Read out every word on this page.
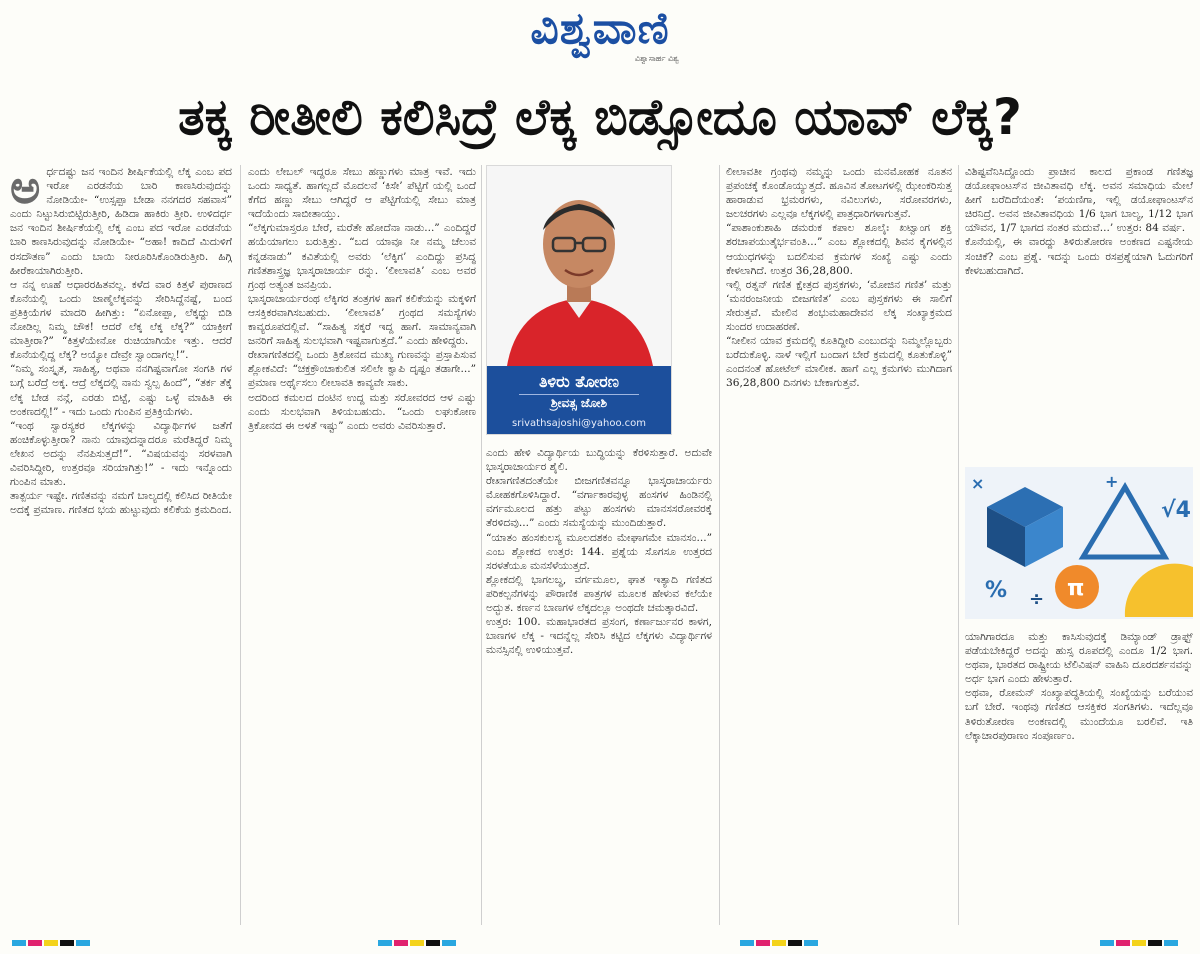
ವಿಶ್ವವಾಣಿ
ವಿಶ್ವಾಸಾರ್ಹ ವಿಶ್ವ
ತಕ್ಕ ರೀತೀಲಿ ಕಲಿಸಿದ್ರೆ ಲೆಕ್ಕ ಬಿಡ್ಸೋದೂ ಯಾವ್ ಲೆಕ್ಕ?
ಅ ರ್ಧದಷ್ಟು ಜನ ಇಂದಿನ ಶೀರ್ಷಿಕೆಯಲ್ಲಿ ಲೆಕ್ಕ ಎಂಬ ಪದ ಇರೋ ಎರಡನೆಯ ಬಾರಿ ಕಾಣಸಿರುವುದನ್ನು ನೋಡಿಯೇ- “ಉಸ್ಸಪ್ಪಾ ಬೇಡಾ ನನಗದರ ಸಹವಾಸ” ಎಂದು ನಿಟ್ಟುಸಿರುಬಿಟ್ಟಿರುತ್ತೀರಿ, ಹಿಡಿದಾ ಹಾಕಿರು ತ್ತೀರಿ. ಉಳಿದರ್ಧ ಜನ ಇಂದಿನ ಶೀರ್ಷಿಕೆಯಲ್ಲಿ ಲೆಕ್ಕ ಎಂಬ ಪದ ಇರೋ ಎರಡನೆಯ ಬಾರಿ ಕಾಣಸಿರುವುದನ್ನು ನೋಡಿಯೇ- “ಅಹಾ! ಕಾದಿದೆ ಮಿದುಳಿಗೆ ರಸದೌತಣ” ಎಂದು ಬಾಯಿ ನೀರೂರಿಸಿಕೊಂಡಿರುತ್ತೀರಿ. ಹಿಗ್ಗಿ ಹೀರೆಕಾಯಾಗಿರುತ್ತೀರಿ.

ಆ ನನ್ನ ಊಹೆ ಅಧಾರರಹಿತವಲ್ಲ. ಕಳೆದ ವಾರ ಕಿತ್ತಳೆ ಪುರಾಣದ ಕೊನೆಯಲ್ಲಿ ಒಂದು ಜಾಣ್ಮೆಲೆಕ್ಕವನ್ನು ಸೇರಿಸಿದ್ದೆನಷ್ಟೆ, ಬಂದ ಪ್ರತಿಕ್ರಿಯೆಗಳ ಮಾದರಿ ಹೀಗಿತ್ತು: “ಏನೋಪ್ಪಾ, ಲೆಕ್ಕದ್ದು ಬಿಡಿ ನೋಡಿಲ್ಲ ನಿಮ್ಮ ಚೌಕ! ಆದರೆ ಲೆಕ್ಕ ಲೆಕ್ಕ ಲೆಕ್ಕ?” ಯಾಕ್ರೀಗೆ ಮಾತ್ತೀರಾ?” “ಕಿತ್ತಳೆಯೇನೋ ರುಚಿಯಾಗಿಯೇ ಇತ್ತು. ಆದರೆ ಕೊನೆಯಲ್ಲಿದ್ದ ಲೆಕ್ಕ? ಅಯ್ಯೋ ದೇವ್ರೇ ಸ್ವಾಂದಾಗಲ್ಲ!”.

“ನಿಮ್ಮ ಸಂಸ್ಕೃತ, ಸಾಹಿತ್ಯ, ಅಥವಾ ನನಗಿಷ್ಟವಾಗೋ ಸಂಗತಿ ಗಳ ಬಗ್ಗೆ ಬರೆದ್ರೆ ಅಕ್ಕ. ಆದ್ರೆ ಲೆಕ್ಕದಲ್ಲಿ ನಾನು ಸ್ವಲ್ಪ ಹಿಂದೆ”, “ತರ್ಕ ತೆಕ್ಕೆ ಲೆಕ್ಕ ಬೇಡ ನನ್ಗೆ, ಎರಡು ಬಿಟ್ಟೆ, ಎಷ್ಟು ಒಳ್ಳೆ ಮಾಹಿತಿ ಈ ಅಂಕಣದಲ್ಲಿ!” - ಇದು ಒಂದು ಗುಂಪಿನ ಪ್ರತಿಕ್ರಿಯೆಗಳು.

“ಇಂಥ ಸ್ವಾರಸ್ಯಕರ ಲೆಕ್ಕಗಳನ್ನು ವಿದ್ಯಾರ್ಥಿಗಳ ಜತೆಗೆ ಹಂಚಿಕೊಳ್ಳುತ್ತೀರಾ? ನಾನು ಯಾವುದನ್ನಾದರೂ ಮರೆತಿದ್ದರೆ ನಿಮ್ಮ ಲೇಖನ ಅದನ್ನು ನೆನಪಿಸುತ್ತದೆ!”. “ವಿಷಯವನ್ನು ಸರಳವಾಗಿ ವಿವರಿಸಿದ್ದೀರಿ, ಉತ್ತರವೂ ಸರಿಯಾಗಿತ್ತು!” - ಇದು ಇನ್ನೊಂದು ಗುಂಪಿನ ಮಾತು.

ತಾತ್ಪರ್ಯ ಇಷ್ಟೇ. ಗಣಿತವನ್ನು ನಮಗೆ ಬಾಲ್ಯದಲ್ಲಿ ಕಲಿಸಿದ ರೀತಿಯೇ ಅದಕ್ಕೆ ಪ್ರಮಾಣ. ಗಣಿತದ ಭಯ ಹುಟ್ಟುವುದು ಕಲಿಕೆಯ ಕ್ರಮದಿಂದ.

ಎಂದು ಲೇಬಲ್ ಇದ್ದರೂ ಸೇಬು ಹಣ್ಣುಗಳು ಮಾತ್ರ ಇವೆ. ಇದು ಒಂದು ಸಾಧ್ಯತೆ. ಹಾಗಲ್ಲದೆ ಮೊದಲನೆ ‘ಕಿಸೇ’ ಪೆಟ್ಟಿಗೆ ಯಲ್ಲಿ ಒಂದೆ ಕೆಗೆದ ಹಣ್ಣು ಸೇಬು ಆಗಿದ್ದರೆ ಆ ಪೆಟ್ಟಿಗೆಯಲ್ಲಿ ಸೇಬು ಮಾತ್ರ ಇದೆಯೆಂದು ಸಾಬೀತಾಯ್ತು.

“ಲೆಕ್ಕಗುಮಾಸ್ತರೂ ಬೇರೆ, ಮರೆತೇ ಹೋದೆನಾ ನಾಡು...” ಎಂದಿದ್ದರೆ ಹಯೆಯಾಗಲು ಬರುತ್ತಿತ್ತು. “ಬದ ಯಾವೂ ನೀ ನಮ್ಮ ಚೆಲುವ ಕನ್ನಡನಾಡು” ಕವಿತೆಯಲ್ಲಿ ಅವರು ‘ಲೆಕ್ಕಿಗ’ ಎಂದಿದ್ದು ಪ್ರಸಿದ್ಧ ಗಣಿತಶಾಸ್ತ್ರಜ್ಞ ಭಾಸ್ಕರಾಚಾರ್ಯ ರನ್ನು. ‘ಲೀಲಾವತಿ’ ಎಂಬ ಅವರ ಗ್ರಂಥ ಅತ್ಯಂತ ಜನಪ್ರಿಯ.

ಭಾಸ್ಕರಾಚಾರ್ಯರಂಥ ಲೆಕ್ಕಿಗರ ತಂತ್ರಗಳ ಹಾಗೆ ಕಲಿಕೆಯನ್ನು ಮಕ್ಕಳಿಗೆ ಆಸಕ್ತಿಕರವಾಗಿಸಬಹುದು. ‘ಲೀಲಾವತಿ’ ಗ್ರಂಥದ ಸಮಸ್ಯೆಗಳು ಕಾವ್ಯರೂಪದಲ್ಲಿವೆ. “ಸಾಹಿತ್ಯ ಸಕ್ಕರೆ ಇದ್ದ ಹಾಗೆ. ಸಾಮಾನ್ಯವಾಗಿ ಜನರಿಗೆ ಸಾಹಿತ್ಯ ಸುಲಭವಾಗಿ ಇಷ್ಟವಾಗುತ್ತದೆ.” ಎಂದು ಹೇಳಿದ್ದರು.

ರೇಖಾಗಣಿತದಲ್ಲಿ ಒಂದು ತ್ರಿಕೋನದ ಮುಖ್ಯ ಗುಣವನ್ನು ಪ್ರಸ್ತಾಪಿಸುವ ಶ್ಲೋಕವಿದೆ: “ಚಕ್ರಕ್ರೌಂಚಾಕುಲಿತ ಸಲಿಲೇ ಕ್ವಾಪಿ ದೃಷ್ಟಂ ತಡಾಗೇ...” ಪ್ರಮಾಣ ಅರ್ಥೈಸಲು ಲೀಲಾವತಿ ಕಾವ್ಯವೇ ಸಾಕು.

ಅದರಿಂದ ಕಮಲದ ದಂಟಿನ ಉದ್ದ ಮತ್ತು ಸರೋವರದ ಆಳ ಎಷ್ಟು ಎಂದು ಸುಲಭವಾಗಿ ತಿಳಿಯಬಹುದು. “ಒಂದು ಲಘುಕೋಣ ತ್ರಿಕೋನದ ಈ ಅಳತೆ ಇಷ್ಟು” ಎಂದು ಅವರು ವಿವರಿಸುತ್ತಾರೆ.

ತಿಳಿರು ತೋರಣ
ಶ್ರೀವತ್ಸ ಜೋಶಿ
srivathsajoshi@yahoo.com

ಎಂದು ಹೇಳಿ ವಿದ್ಯಾರ್ಥಿಯ ಬುದ್ಧಿಯನ್ನು ಕೆರಳಿಸುತ್ತಾರೆ. ಅದುವೇ ಭಾಸ್ಕರಾಚಾರ್ಯರ ಶೈಲಿ.

ರೇಖಾಗಣಿತದಂತೆಯೇ ಬೀಜಗಣಿತವನ್ನೂ ಭಾಸ್ಕರಾಚಾರ್ಯರು ಮೋಹಕಗೊಳಿಸಿದ್ದಾರೆ. “ವರ್ಗಾಕಾರವುಳ್ಳ ಹಂಸಗಳ ಹಿಂಡಿನಲ್ಲಿ ವರ್ಗಮೂಲದ ಹತ್ತು ಪಟ್ಟು ಹಂಸಗಳು ಮಾನಸಸರೋವರಕ್ಕೆ ತೆರಳಿದವು...” ಎಂದು ಸಮಸ್ಯೆಯನ್ನು ಮುಂದಿಡುತ್ತಾರೆ.

“ಯಾತಂ ಹಂಸಕುಲಸ್ಯ ಮೂಲದಶಕಂ ಮೇಘಾಗಮೇ ಮಾನಸಂ...” ಎಂಬ ಶ್ಲೋಕದ ಉತ್ತರ: 144. ಪ್ರಶ್ನೆಯ ಸೊಗಸೂ ಉತ್ತರದ ಸರಳತೆಯೂ ಮನಸೆಳೆಯುತ್ತದೆ.

ಶ್ಲೋಕದಲ್ಲಿ ಭಾಗಲಬ್ಧ, ವರ್ಗಮೂಲ, ಘಾತ ಇತ್ಯಾದಿ ಗಣಿತದ ಪರಿಕಲ್ಪನೆಗಳನ್ನು ಪೌರಾಣಿಕ ಪಾತ್ರಗಳ ಮೂಲಕ ಹೇಳುವ ಕಲೆಯೇ ಅದ್ಭುತ. ಕರ್ಣನ ಬಾಣಗಳ ಲೆಕ್ಕದಲ್ಲೂ ಅಂಥದೇ ಚಮತ್ಕಾರವಿದೆ.

ಉತ್ತರ: 100. ಮಹಾಭಾರತದ ಪ್ರಸಂಗ, ಕರ್ಣಾರ್ಜುನರ ಕಾಳಗ, ಬಾಣಗಳ ಲೆಕ್ಕ - ಇದನ್ನೆಲ್ಲ ಸೇರಿಸಿ ಕಟ್ಟಿದ ಲೆಕ್ಕಗಳು ವಿದ್ಯಾರ್ಥಿಗಳ ಮನಸ್ಸಿನಲ್ಲಿ ಉಳಿಯುತ್ತವೆ.

ಲೀಲಾವತೀ ಗ್ರಂಥವು ನಮ್ಮನ್ನು ಒಂದು ಮನಮೋಹಕ ನೂತನ ಪ್ರಪಂಚಕ್ಕೆ ಕೊಂಡೊಯ್ಯುತ್ತದೆ. ಹೂವಿನ ತೋಟಗಳಲ್ಲಿ ಝೇಂಕರಿಸುತ್ತ ಹಾರಾಡುವ ಭ್ರಮರಗಳು, ನವಿಲುಗಳು, ಸರೋವರಗಳು, ಜಲಚರಗಳು ಎಲ್ಲವೂ ಲೆಕ್ಕಗಳಲ್ಲಿ ಪಾತ್ರಧಾರಿಗಳಾಗುತ್ತವೆ.

“ಪಾಶಾಂಕುಶಾಹಿ ಡಮರುಕ ಕಪಾಲ ಶೂಲೈಃ ಖಟ್ವಾಂಗ ಶಕ್ತಿ ಶರಚಾಪಯುತೈರ್ಭವಂತಿ...” ಎಂಬ ಶ್ಲೋಕದಲ್ಲಿ ಶಿವನ ಕೈಗಳಲ್ಲಿನ ಆಯುಧಗಳನ್ನು ಬದಲಿಸುವ ಕ್ರಮಗಳ ಸಂಖ್ಯೆ ಎಷ್ಟು ಎಂದು ಕೇಳಲಾಗಿದೆ. ಉತ್ತರ 36,28,800.

ಇಲ್ಲಿ ರತ್ನನ್ ಗಣಿತ ಕ್ಷೇತ್ರದ ಪುಸ್ತಕಗಳು, ‘ಮೋಜಿನ ಗಣಿತ’ ಮತ್ತು ‘ಮನರಂಜನೀಯ ಬೀಜಗಣಿತ’ ಎಂಬ ಪುಸ್ತಕಗಳು ಈ ಸಾಲಿಗೆ ಸೇರುತ್ತವೆ. ಮೇಲಿನ ಶಂಭುಮಹಾದೇವನ ಲೆಕ್ಕ ಸಂಖ್ಯಾಕ್ರಮದ ಸುಂದರ ಉದಾಹರಣೆ.

“ನೀಲೀನ ಯಾವ ಕ್ರಮದಲ್ಲಿ ಕೂತಿದ್ದೀರಿ ಎಂಬುದನ್ನು ನಿಮ್ಮಲ್ಲೊಬ್ಬರು ಬರೆದುಕೊಳ್ಳಿ. ನಾಳೆ ಇಲ್ಲಿಗೆ ಬಂದಾಗ ಬೇರೆ ಕ್ರಮದಲ್ಲಿ ಕೂತುಕೊಳ್ಳಿ” ಎಂದನಂತೆ ಹೋಟೆಲ್ ಮಾಲೀಕ. ಹಾಗೆ ಎಲ್ಲ ಕ್ರಮಗಳು ಮುಗಿದಾಗ 36,28,800 ದಿನಗಳು ಬೇಕಾಗುತ್ತವೆ.

ವಿಶಿಷ್ಟವೆನಿಸಿದ್ದೊಂದು ಪ್ರಾಚೀನ ಕಾಲದ ಪ್ರಕಾಂಡ ಗಣಿತಜ್ಞ ಡಯೋಫಾಂಟಸ್‌ನ ಜೀವಿತಾವಧಿ ಲೆಕ್ಕ. ಅವನ ಸಮಾಧಿಯ ಮೇಲೆ ಹೀಗೆ ಬರೆದಿದೆಯಂತೆ: ‘ಪಯಣಿಗಾ, ಇಲ್ಲಿ ಡಯೋಫಾಂಟಸ್‌ನ ಚಿರನಿದ್ರೆ. ಅವನ ಜೀವಿತಾವಧಿಯ 1/6 ಭಾಗ ಬಾಲ್ಯ, 1/12 ಭಾಗ ಯೌವನ, 1/7 ಭಾಗದ ನಂತರ ಮದುವೆ...’ ಉತ್ತರ: 84 ವರ್ಷ.

ಕೊನೆಯಲ್ಲಿ, ಈ ವಾರದ್ದು ತಿಳಿರುತೋರಣ ಅಂಕಣದ ಎಷ್ಟನೇಯ ಸಂಚಿಕೆ? ಎಂಬ ಪ್ರಶ್ನೆ. ಇದನ್ನು ಒಂದು ರಸಪ್ರಶ್ನೆಯಾಗಿ ಓದುಗರಿಗೆ ಕೇಳಬಹುದಾಗಿದೆ.

π
√4
% ÷
+
×

ಯಾಗಿಗಾರದೂ ಮತ್ತು ಕಾಸಿಸುವುದಕ್ಕೆ ಡಿಮ್ಯಾಂಡ್ ಡ್ರಾಫ್ಟ್ ಪಡೆಯಬೇಕಿದ್ದರೆ ಅದನ್ನು ಹುಸ್ಸ ರೂಪದಲ್ಲಿ ಎಂದೂ 1/2 ಭಾಗ. ಅಥವಾ, ಭಾರತದ ರಾಷ್ಟ್ರೀಯ ಟೆಲಿವಿಷನ್ ವಾಹಿನಿ ದೂರದರ್ಶನವನ್ನು ಅರ್ಧ ಭಾಗ ಎಂದು ಹೇಳುತ್ತಾರೆ.

ಅಥವಾ, ರೋಮನ್ ಸಂಖ್ಯಾಪದ್ಧತಿಯಲ್ಲಿ ಸಂಖ್ಯೆಯನ್ನು ಬರೆಯುವ ಬಗೆ ಬೇರೆ. ಇಂಥವು ಗಣಿತದ ಆಸಕ್ತಿಕರ ಸಂಗತಿಗಳು. ಇದೆಲ್ಲವೂ ತಿಳಿರುತೋರಣ ಅಂಕಣದಲ್ಲಿ ಮುಂದೆಯೂ ಬರಲಿವೆ. ಇತಿ ಲೆಕ್ಕಾಚಾರಪುರಾಣಂ ಸಂಪೂರ್ಣಂ.
